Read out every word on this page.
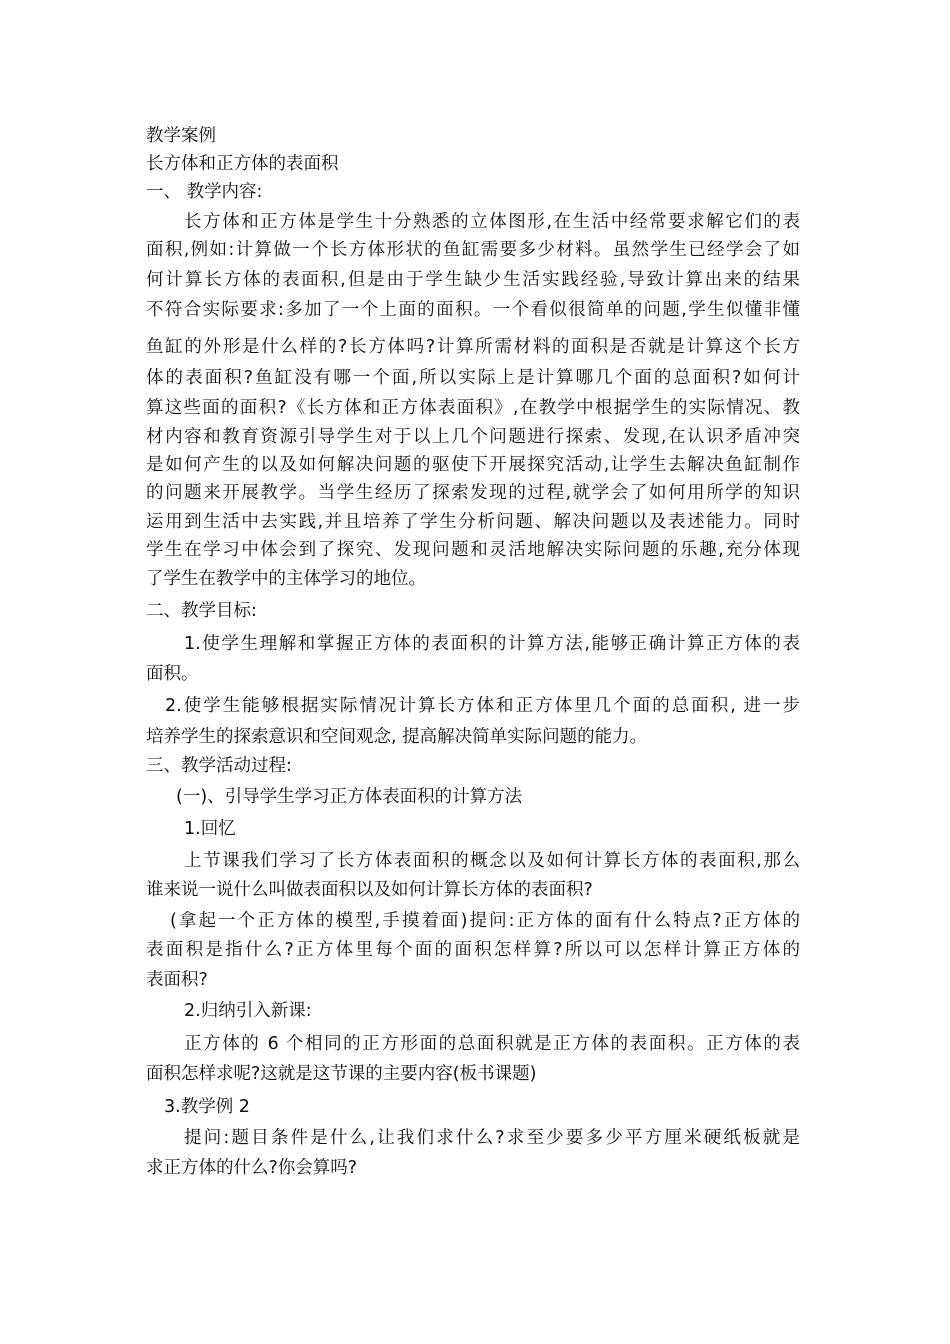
教学案例
长方体和正方体的表面积
一、 教学内容:
长方体和正方体是学生十分熟悉的立体图形,在生活中经常要求解它们的表
面积,例如:计算做一个长方体形状的鱼缸需要多少材料。虽然学生已经学会了如
何计算长方体的表面积,但是由于学生缺少生活实践经验,导致计算出来的结果
不符合实际要求:多加了一个上面的面积。一个看似很简单的问题,学生似懂非懂
鱼缸的外形是什么样的?长方体吗?计算所需材料的面积是否就是计算这个长方
体的表面积?鱼缸没有哪一个面,所以实际上是计算哪几个面的总面积?如何计
算这些面的面积?《长方体和正方体表面积》,在教学中根据学生的实际情况、教
材内容和教育资源引导学生对于以上几个问题进行探索、发现,在认识矛盾冲突
是如何产生的以及如何解决问题的驱使下开展探究活动,让学生去解决鱼缸制作
的问题来开展教学。当学生经历了探索发现的过程,就学会了如何用所学的知识
运用到生活中去实践,并且培养了学生分析问题、解决问题以及表述能力。同时
学生在学习中体会到了探究、发现问题和灵活地解决实际问题的乐趣,充分体现
了学生在教学中的主体学习的地位。
二、教学目标:
1.使学生理解和掌握正方体的表面积的计算方法,能够正确计算正方体的表
面积。
2.使学生能够根据实际情况计算长方体和正方体里几个面的总面积, 进一步
培养学生的探索意识和空间观念, 提高解决简单实际问题的能力。
三、教学活动过程:
(一)、引导学生学习正方体表面积的计算方法
1.回忆
上节课我们学习了长方体表面积的概念以及如何计算长方体的表面积,那么
谁来说一说什么叫做表面积以及如何计算长方体的表面积?
(拿起一个正方体的模型,手摸着面)提问:正方体的面有什么特点?正方体的
表面积是指什么?正方体里每个面的面积怎样算?所以可以怎样计算正方体的
表面积?
2.归纳引入新课:
正方体的 6 个相同的正方形面的总面积就是正方体的表面积。正方体的表
面积怎样求呢?这就是这节课的主要内容(板书课题)
3.教学例 2
提问:题目条件是什么,让我们求什么?求至少要多少平方厘米硬纸板就是
求正方体的什么?你会算吗?
